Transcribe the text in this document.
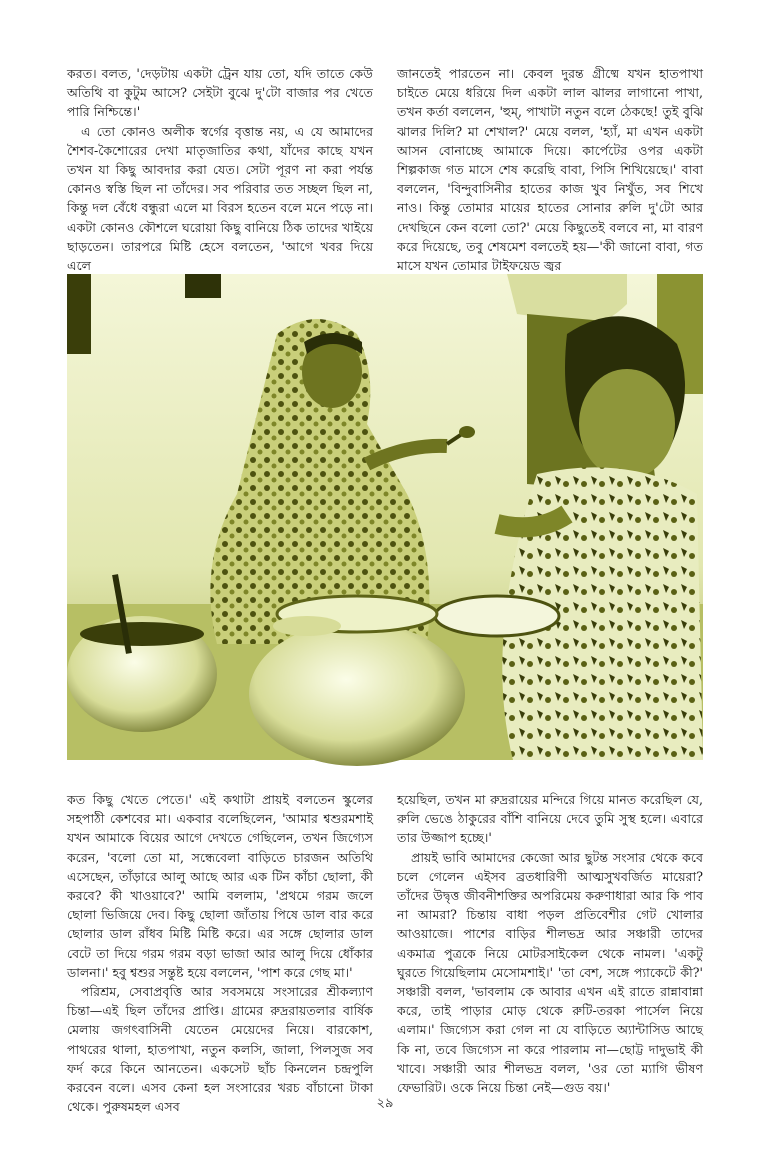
করত। বলত, 'দেড়টায় একটা ট্রেন যায় তো, যদি তাতে কেউ অতিথি বা কুটুম আসে? সেইটা বুঝে দু'টো বাজার পর খেতে পারি নিশ্চিন্তে।'

এ তো কোনও অলীক স্বর্গের বৃত্তান্ত নয়, এ যে আমাদের শৈশব-কৈশোরের দেখা মাতৃজাতির কথা, যাঁদের কাছে যখন তখন যা কিছু আবদার করা যেত। সেটা পূরণ না করা পর্যন্ত কোনও স্বস্তি ছিল না তাঁদের। সব পরিবার তত সচ্ছল ছিল না, কিন্তু দল বেঁধে বন্ধুরা এলে মা বিরস হতেন বলে মনে পড়ে না। একটা কোনও কৌশলে ঘরোয়া কিছু বানিয়ে ঠিক তাদের খাইয়ে ছাড়তেন। তারপরে মিষ্টি হেসে বলতেন, 'আগে খবর দিয়ে এলে

জানতেই পারতেন না। কেবল দুরন্ত গ্রীষ্মে যখন হাতপাখা চাইতে মেয়ে ধরিয়ে দিল একটা লাল ঝালর লাগানো পাখা, তখন কর্তা বললেন, 'হুম্, পাখাটা নতুন বলে ঠেকছে! তুই বুঝি ঝালর দিলি? মা শেখাল?' মেয়ে বলল, 'হ্যাঁ, মা এখন একটা আসন বোনাচ্ছে আমাকে দিয়ে। কার্পেটের ওপর একটা শিল্পকাজ গত মাসে শেষ করেছি বাবা, পিসি শিখিয়েছে।' বাবা বললেন, 'বিন্দুবাসিনীর হাতের কাজ খুব নিখুঁত, সব শিখে নাও। কিন্তু তোমার মায়ের হাতের সোনার রুলি দু'টো আর দেখছিনে কেন বলো তো?' মেয়ে কিছুতেই বলবে না, মা বারণ করে দিয়েছে, তবু শেষমেশ বলতেই হয়—'কী জানো বাবা, গত মাসে যখন তোমার টাইফয়েড জ্বর

কত কিছু খেতে পেতে।' এই কথাটা প্রায়ই বলতেন স্কুলের সহপাঠী কেশবের মা। একবার বলেছিলেন, 'আমার শ্বশুরমশাই যখন আমাকে বিয়ের আগে দেখতে গেছিলেন, তখন জিগ্যেস করেন, 'বলো তো মা, সন্ধেবেলা বাড়িতে চারজন অতিথি এসেছেন, তাঁড়ারে আলু আছে আর এক টিন কাঁচা ছোলা, কী করবে? কী খাওয়াবে?' আমি বললাম, 'প্রথমে গরম জলে ছোলা ভিজিয়ে দেব। কিছু ছোলা জাঁতায় পিষে ডাল বার করে ছোলার ডাল রাঁধব মিষ্টি মিষ্টি করে। এর সঙ্গে ছোলার ডাল বেটে তা দিয়ে গরম গরম বড়া ভাজা আর আলু দিয়ে ধোঁকার ডালনা।' হবু শ্বশুর সন্তুষ্ট হয়ে বললেন, 'পাশ করে গেছ মা।'

পরিশ্রম, সেবাপ্রবৃত্তি আর সবসময়ে সংসারের শ্রীকল্যাণ চিন্তা—এই ছিল তাঁদের প্রাপ্তি। গ্রামের রুদ্ররায়তলার বার্ষিক মেলায় জগৎবাসিনী যেতেন মেয়েদের নিয়ে। বারকোশ, পাথরের থালা, হাতপাখা, নতুন কলসি, জালা, পিলসুজ সব ফর্দ করে কিনে আনতেন। একসেট ছাঁচ কিনলেন চন্দ্রপুলি করবেন বলে। এসব কেনা হল সংসারের খরচ বাঁচানো টাকা থেকে। পুরুষমহল এসব

হয়েছিল, তখন মা রুদ্ররায়ের মন্দিরে গিয়ে মানত করেছিল যে, রুলি ভেঙে ঠাকুরের বাঁশি বানিয়ে দেবে তুমি সুস্থ হলে। এবারে তার উজ্জাপ হচ্ছে।'

প্রায়ই ভাবি আমাদের কেজো আর ছুটন্ত সংসার থেকে কবে চলে গেলেন এইসব ব্রতধারিণী আত্মসুখবর্জিত মায়েরা? তাঁদের উদ্বৃত্ত জীবনীশক্তির অপরিমেয় করুণাধারা আর কি পাব না আমরা? চিন্তায় বাধা পড়ল প্রতিবেশীর গেট খোলার আওয়াজে। পাশের বাড়ির শীলভদ্র আর সঞ্চারী তাদের একমাত্র পুত্রকে নিয়ে মোটরসাইকেল থেকে নামল। 'একটু ঘুরতে গিয়েছিলাম মেসোমশাই।' 'তা বেশ, সঙ্গে প্যাকেটে কী?' সঞ্চারী বলল, 'ভাবলাম কে আবার এখন এই রাতে রান্নাবান্না করে, তাই পাড়ার মোড় থেকে রুটি-তরকা পার্সেল নিয়ে এলাম।' জিগ্যেস করা গেল না যে বাড়িতে অ্যান্টাসিড আছে কি না, তবে জিগ্যেস না করে পারলাম না—ছোট্ট দাদুভাই কী খাবে। সঞ্চারী আর শীলভদ্র বলল, 'ওর তো ম্যাগি ভীষণ ফেভারিট। ওকে নিয়ে চিন্তা নেই—গুড বয়।'

২৯
